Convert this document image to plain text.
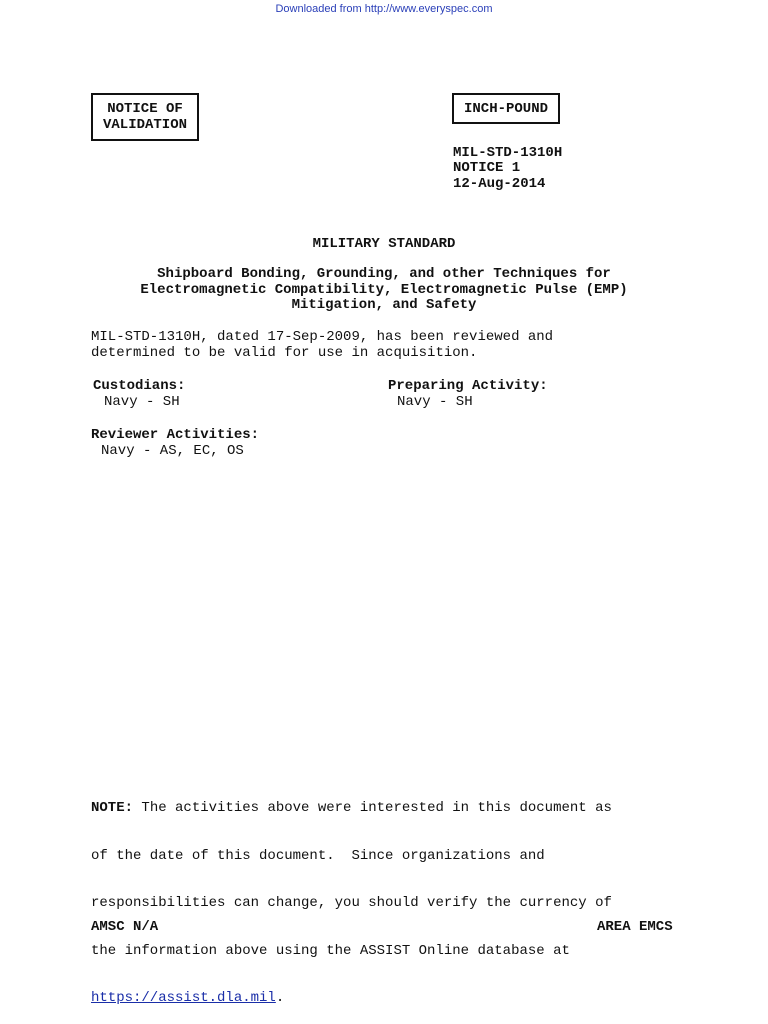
Downloaded from http://www.everyspec.com
NOTICE OF
VALIDATION
INCH-POUND
MIL-STD-1310H
NOTICE 1
12-Aug-2014
MILITARY STANDARD
Shipboard Bonding, Grounding, and other Techniques for
Electromagnetic Compatibility, Electromagnetic Pulse (EMP)
Mitigation, and Safety
MIL-STD-1310H, dated 17-Sep-2009, has been reviewed and
determined to be valid for use in acquisition.
Custodians:
Navy - SH
Preparing Activity:
Navy - SH
Reviewer Activities:
Navy - AS, EC, OS

NOTE: The activities above were interested in this document as

of the date of this document.  Since organizations and

responsibilities can change, you should verify the currency of

the information above using the ASSIST Online database at

https://assist.dla.mil.

AMSC N/A	AREA EMCS
